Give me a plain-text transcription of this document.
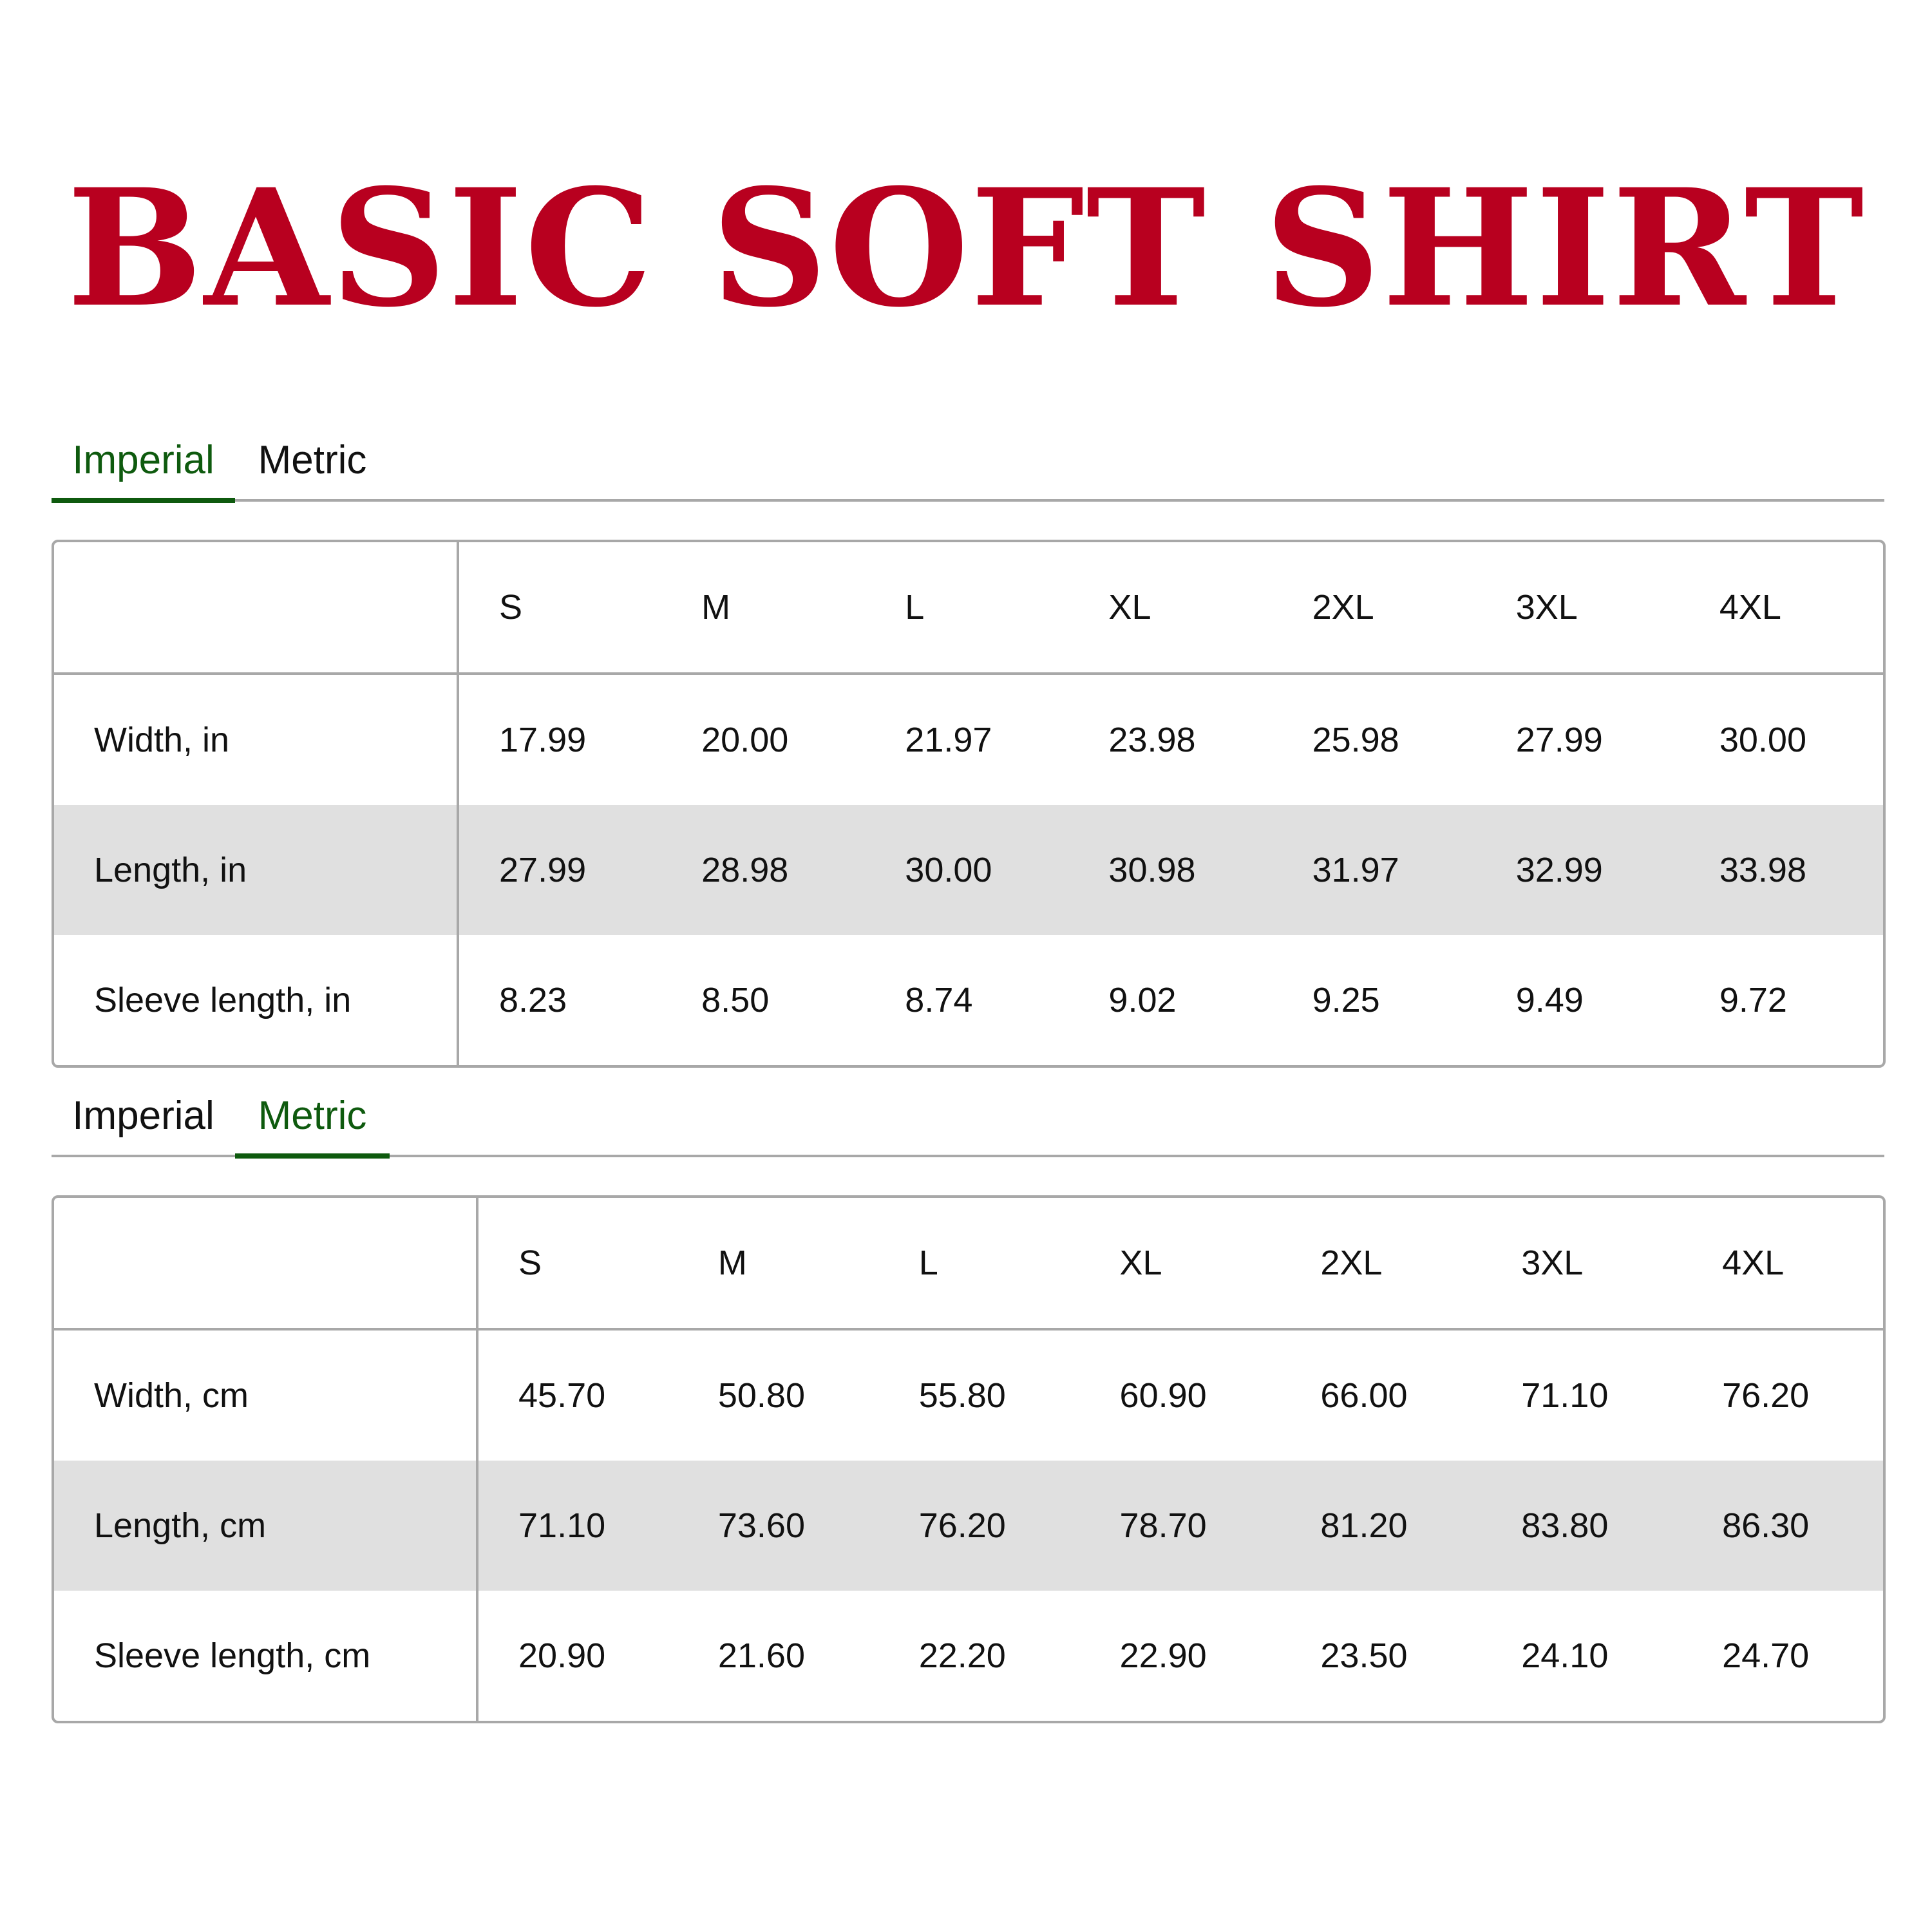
BASIC SOFT SHIRT
Imperial	Metric
	S	M	L	XL	2XL	3XL	4XL
Width, in	17.99	20.00	21.97	23.98	25.98	27.99	30.00
Length, in	27.99	28.98	30.00	30.98	31.97	32.99	33.98
Sleeve length, in	8.23	8.50	8.74	9.02	9.25	9.49	9.72
Imperial	Metric
	S	M	L	XL	2XL	3XL	4XL
Width, cm	45.70	50.80	55.80	60.90	66.00	71.10	76.20
Length, cm	71.10	73.60	76.20	78.70	81.20	83.80	86.30
Sleeve length, cm	20.90	21.60	22.20	22.90	23.50	24.10	24.70
